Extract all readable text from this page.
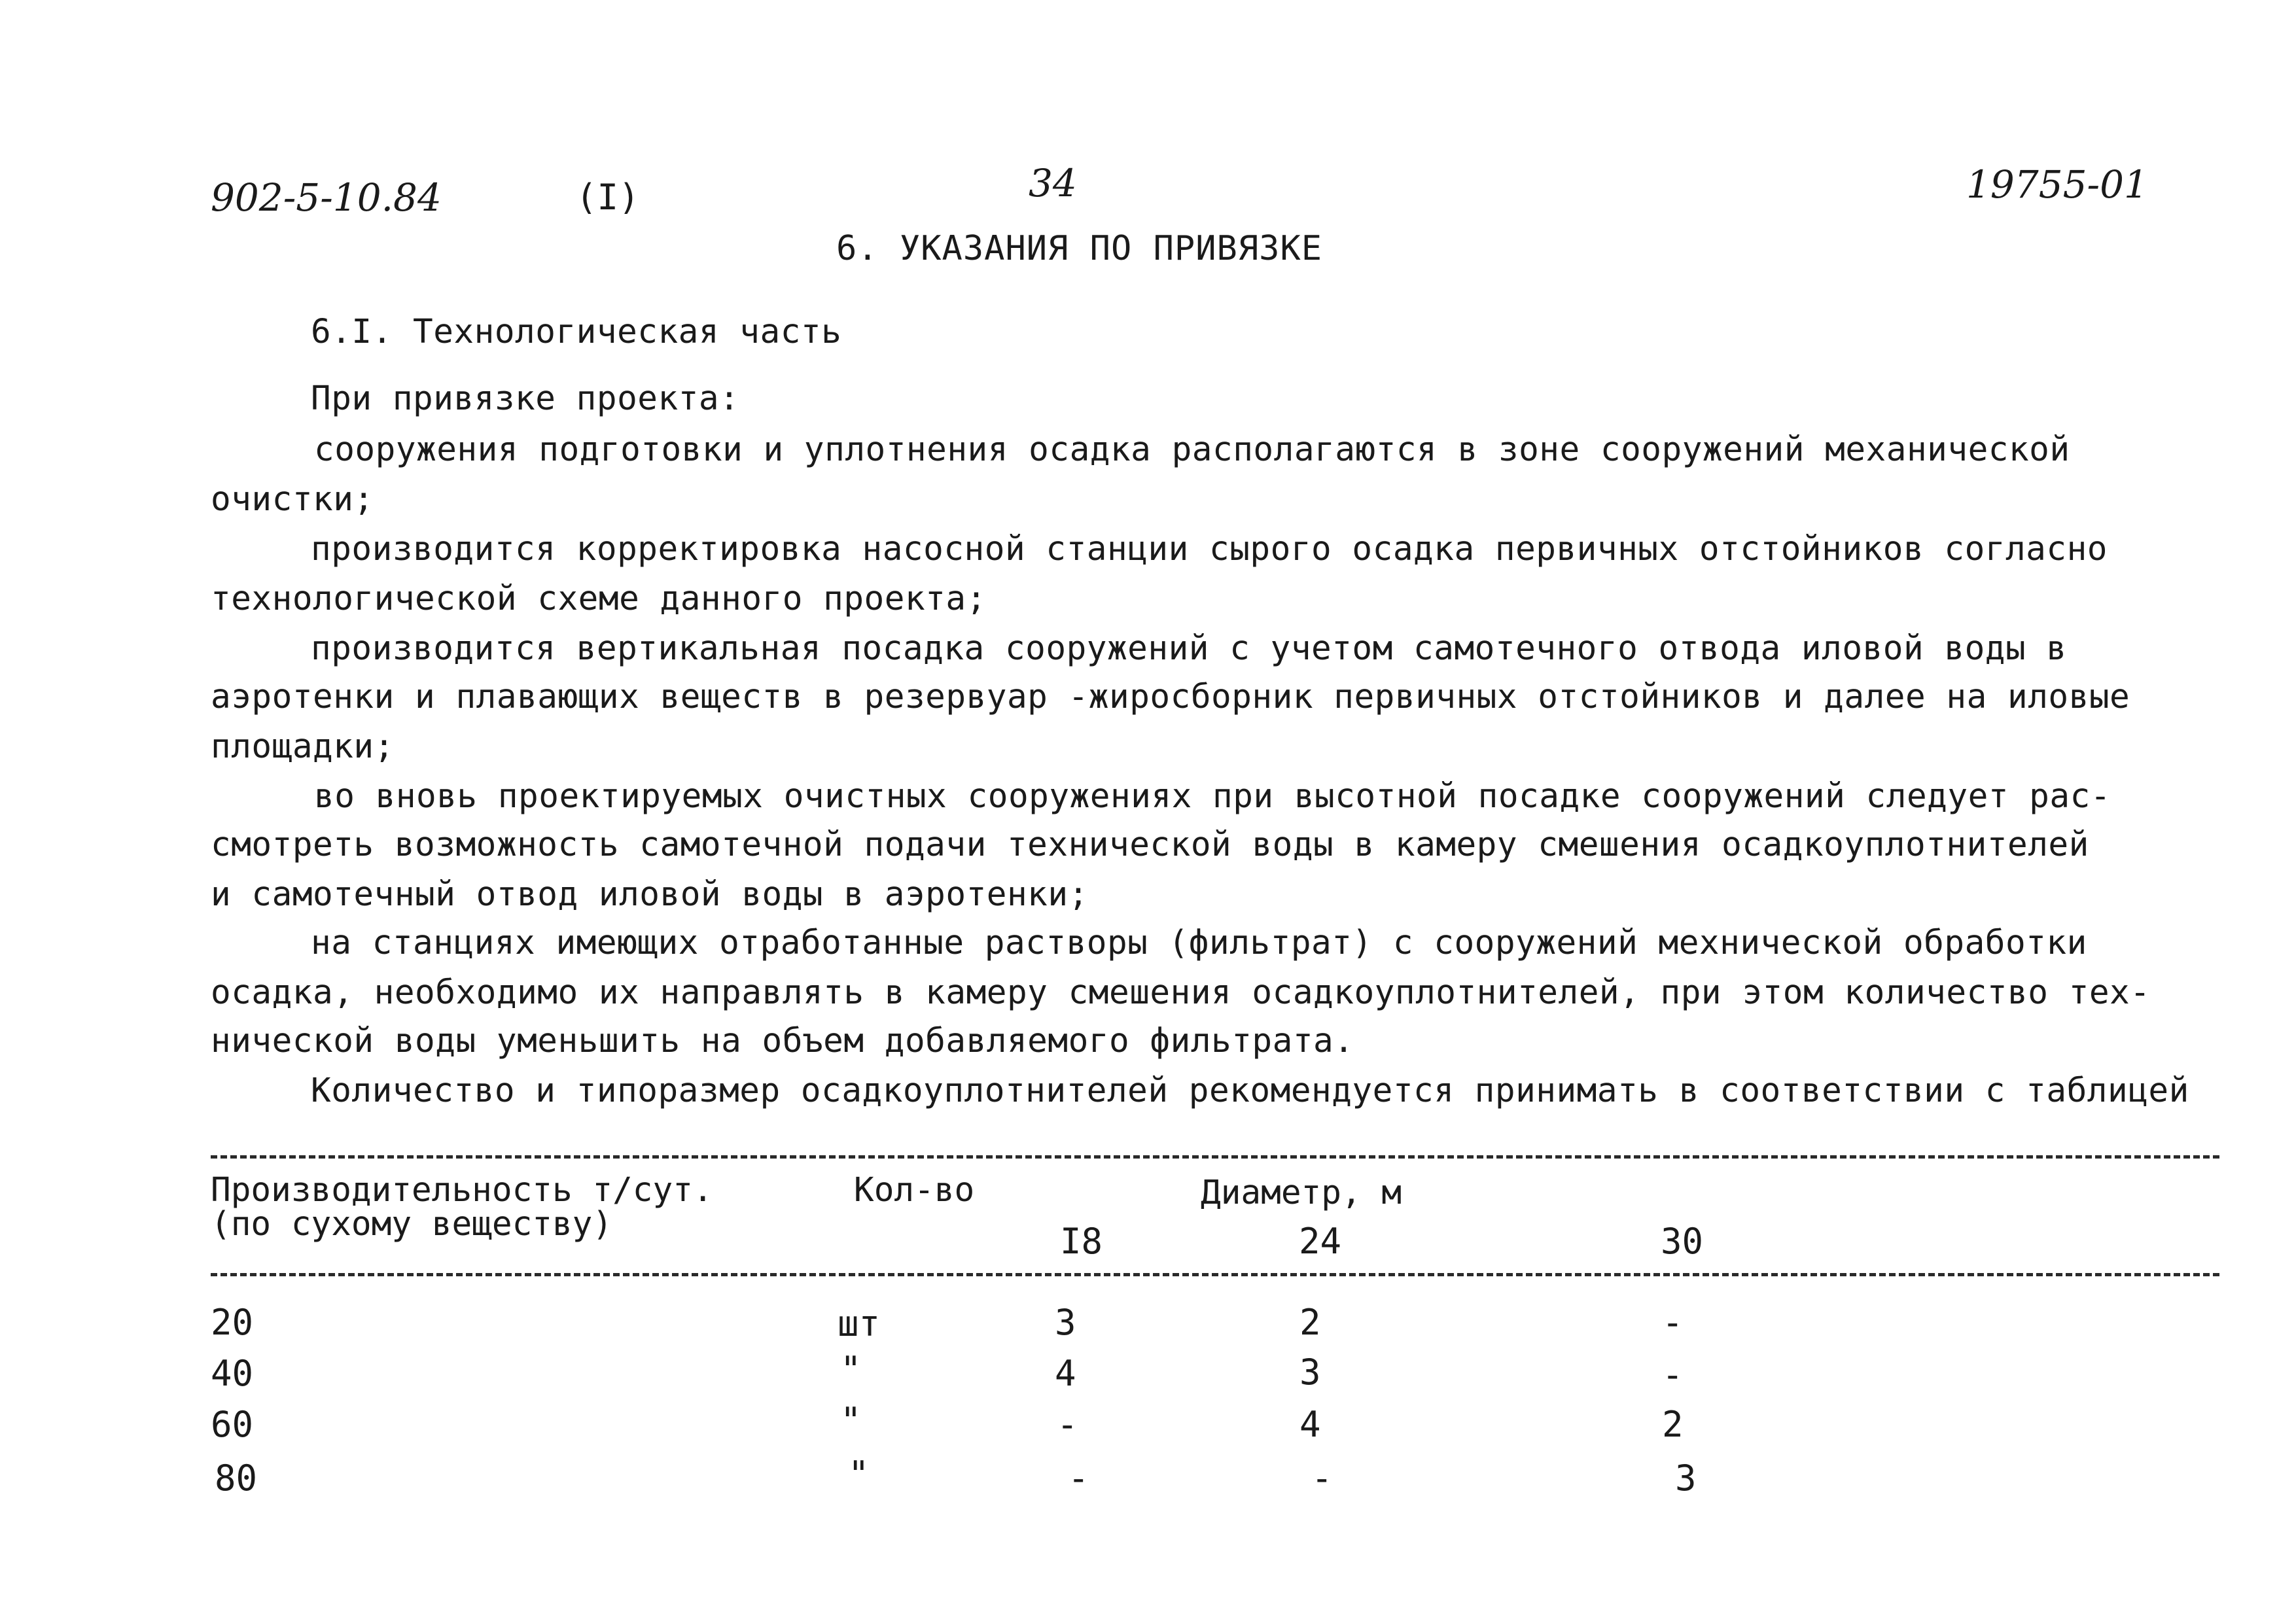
902-5-10.84	(I)	34	19755-01
6. УКАЗАНИЯ ПО ПРИВЯЗКЕ
6.I. Технологическая часть
При привязке проекта:
сооружения подготовки и уплотнения осадка располагаются в зоне сооружений механической
очистки;
производится корректировка насосной станции сырого осадка первичных отстойников согласно
технологической схеме данного проекта;
производится вертикальная посадка сооружений с учетом самотечного отвода иловой воды в
аэротенки и плавающих веществ в резервуар -жиросборник первичных отстойников и далее на иловые
площадки;
во вновь проектируемых очистных сооружениях при высотной посадке сооружений следует рас-
смотреть возможность самотечной подачи технической воды в камеру смешения осадкоуплотнителей
и самотечный отвод иловой воды в аэротенки;
на станциях имеющих отработанные растворы (фильтрат) с сооружений мехнической обработки
осадка, необходимо их направлять в камеру смешения осадкоуплотнителей, при этом количество тех-
нической воды уменьшить на объем добавляемого фильтрата.
Количество и типоразмер осадкоуплотнителей рекомендуется принимать в соответствии с таблицей
Производительность т/сут.
(по сухому веществу)
Кол-во	Диаметр, м
I8	24	30
20	шт	3	2	-
40	"	4	3	-
60	"	-	4	2
80	"	-	-	3
